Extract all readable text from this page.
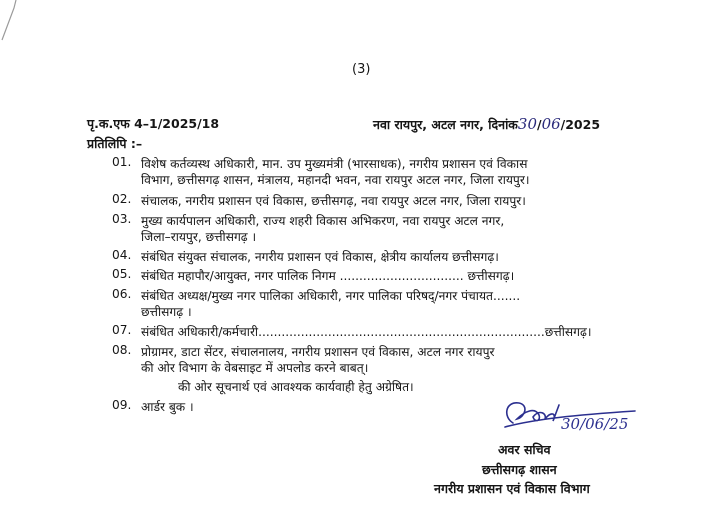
(3)
पृ.क.एफ 4–1/2025/18	नवा रायपुर, अटल नगर, दिनांक30/06/2025
प्रतिलिपि :–
01. विशेष कर्तव्यस्थ अधिकारी, मान. उप मुख्यमंत्री (भारसाधक), नगरीय प्रशासन एवं विकास
विभाग, छत्तीसगढ़ शासन, मंत्रालय, महानदी भवन, नवा रायपुर अटल नगर, जिला रायपुर।
02. संचालक, नगरीय प्रशासन एवं विकास, छत्तीसगढ़, नवा रायपुर अटल नगर, जिला रायपुर।
03. मुख्य कार्यपालन अधिकारी, राज्य शहरी विकास अभिकरण, नवा रायपुर अटल नगर,
जिला–रायपुर, छत्तीसगढ़ ।
04. संबंधित संयुक्त संचालक, नगरीय प्रशासन एवं विकास, क्षेत्रीय कार्यालय छत्तीसगढ़।
05. संबंधित महापौर/आयुक्त, नगर पालिक निगम ................................ छत्तीसगढ़।
06. संबंधित अध्यक्ष/मुख्य नगर पालिका अधिकारी, नगर पालिका परिषद्/नगर पंचायत.......
छत्तीसगढ़ ।
07. संबंधित अधिकारी/कर्मचारी..........................................................................छत्तीसगढ़।
08. प्रोग्रामर, डाटा सेंटर, संचालनालय, नगरीय प्रशासन एवं विकास, अटल नगर रायपुर
की ओर विभाग के वेबसाइट में अपलोड करने बाबत्।
की ओर सूचनार्थ एवं आवश्यक कार्यवाही हेतु अग्रेषित।
09. आर्डर बुक ।
30/06/25
अवर सचिव
छत्तीसगढ़ शासन
नगरीय प्रशासन एवं विकास विभाग
